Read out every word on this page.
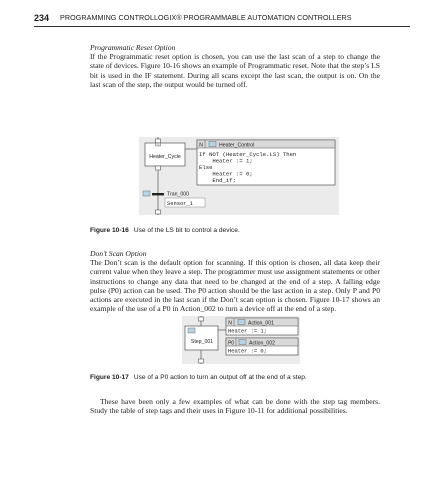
234 PROGRAMMING CONTROLLOGIX® PROGRAMMABLE AUTOMATION CONTROLLERS
Programmatic Reset Option
If the Programmatic reset option is chosen, you can use the last scan of a step to change the state of devices. Figure 10-16 shows an example of Programmatic reset. Note that the step’s LS bit is used in the IF statement. During all scans except the last scan, the output is on. On the last scan of the step, the output would be turned off.
Heater_Cycle
N	Heater_Control
If NOT (Heater_Cycle.LS) Then
Heater := 1;
Else
Heater := 0;
End_if;
Tran_000
Sensor_1
Figure 10-16 Use of the LS bit to control a device.
Don’t Scan Option
The Don’t scan is the default option for scanning. If this option is chosen, all data keep their current value when they leave a step. The programmer must use assignment statements or other instructions to change any data that need to be changed at the end of a step. A falling edge pulse (P0) action can be used. The P0 action should be the last action in a step. Only P and P0 actions are executed in the last scan if the Don’t scan option is chosen. Figure 10-17 shows an example of the use of a P0 in Action_002 to turn a device off at the end of a step.
Step_001
N	Action_001
Heater := 1;
P0	Action_002
Heater := 0;
Figure 10-17 Use of a P0 action to turn an output off at the end of a step.
These have been only a few examples of what can be done with the step tag members. Study the table of step tags and their uses in Figure 10-11 for additional possibilities.
